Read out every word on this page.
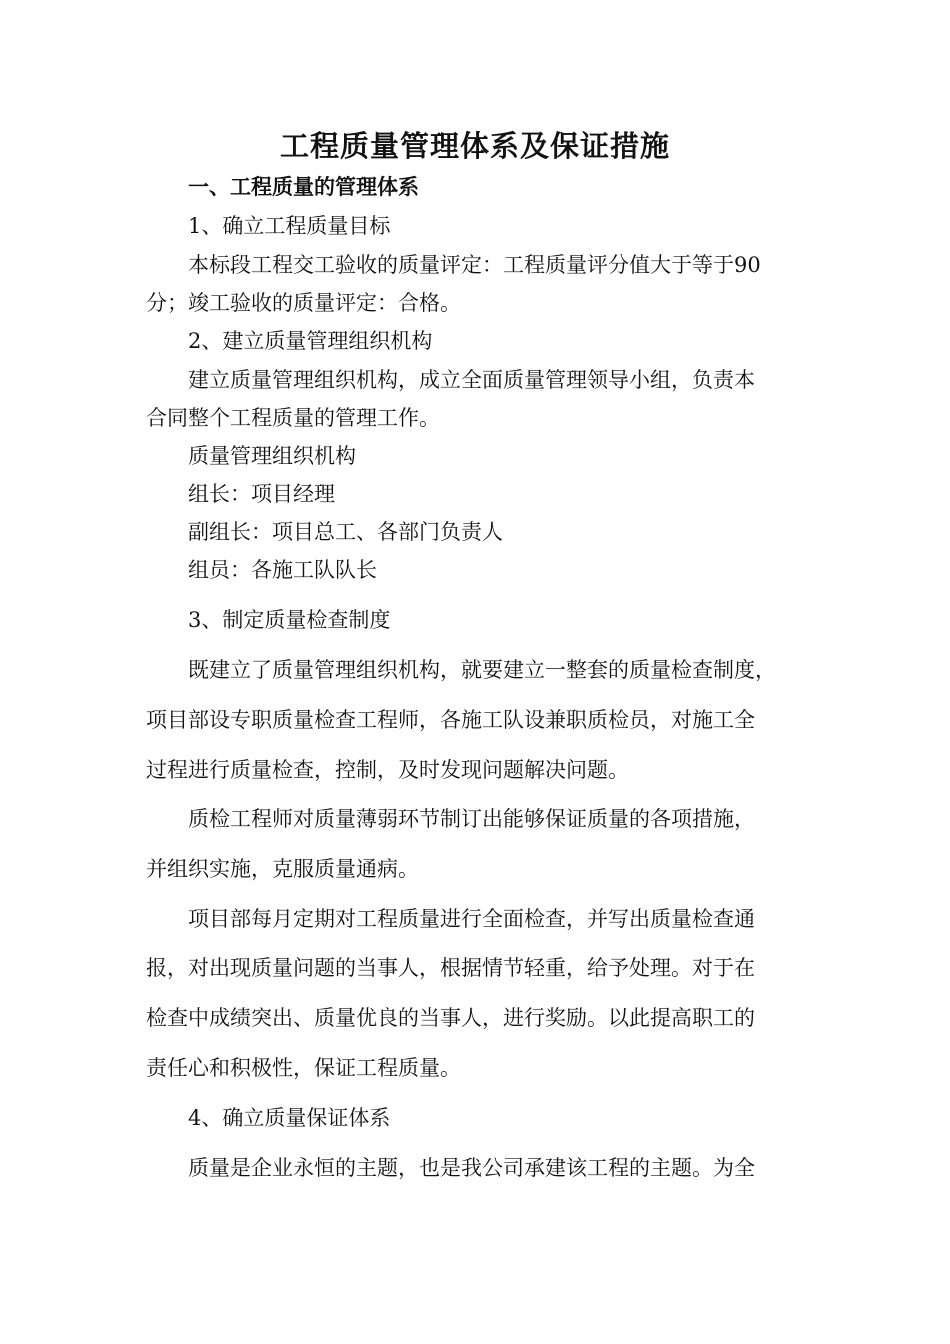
工程质量管理体系及保证措施

一、工程质量的管理体系

1、确立工程质量目标

本标段工程交工验收的质量评定：工程质量评分值大于等于90

分；竣工验收的质量评定：合格。

2、建立质量管理组织机构

建立质量管理组织机构，成立全面质量管理领导小组，负责本

合同整个工程质量的管理工作。

质量管理组织机构

组长：项目经理

副组长：项目总工、各部门负责人

组员：各施工队队长

3、制定质量检查制度

既建立了质量管理组织机构，就要建立一整套的质量检查制度，

项目部设专职质量检查工程师，各施工队设兼职质检员，对施工全

过程进行质量检查，控制，及时发现问题解决问题。

质检工程师对质量薄弱环节制订出能够保证质量的各项措施，

并组织实施，克服质量通病。

项目部每月定期对工程质量进行全面检查，并写出质量检查通

报，对出现质量问题的当事人，根据情节轻重，给予处理。对于在

检查中成绩突出、质量优良的当事人，进行奖励。以此提高职工的

责任心和积极性，保证工程质量。

4、确立质量保证体系

质量是企业永恒的主题，也是我公司承建该工程的主题。为全
